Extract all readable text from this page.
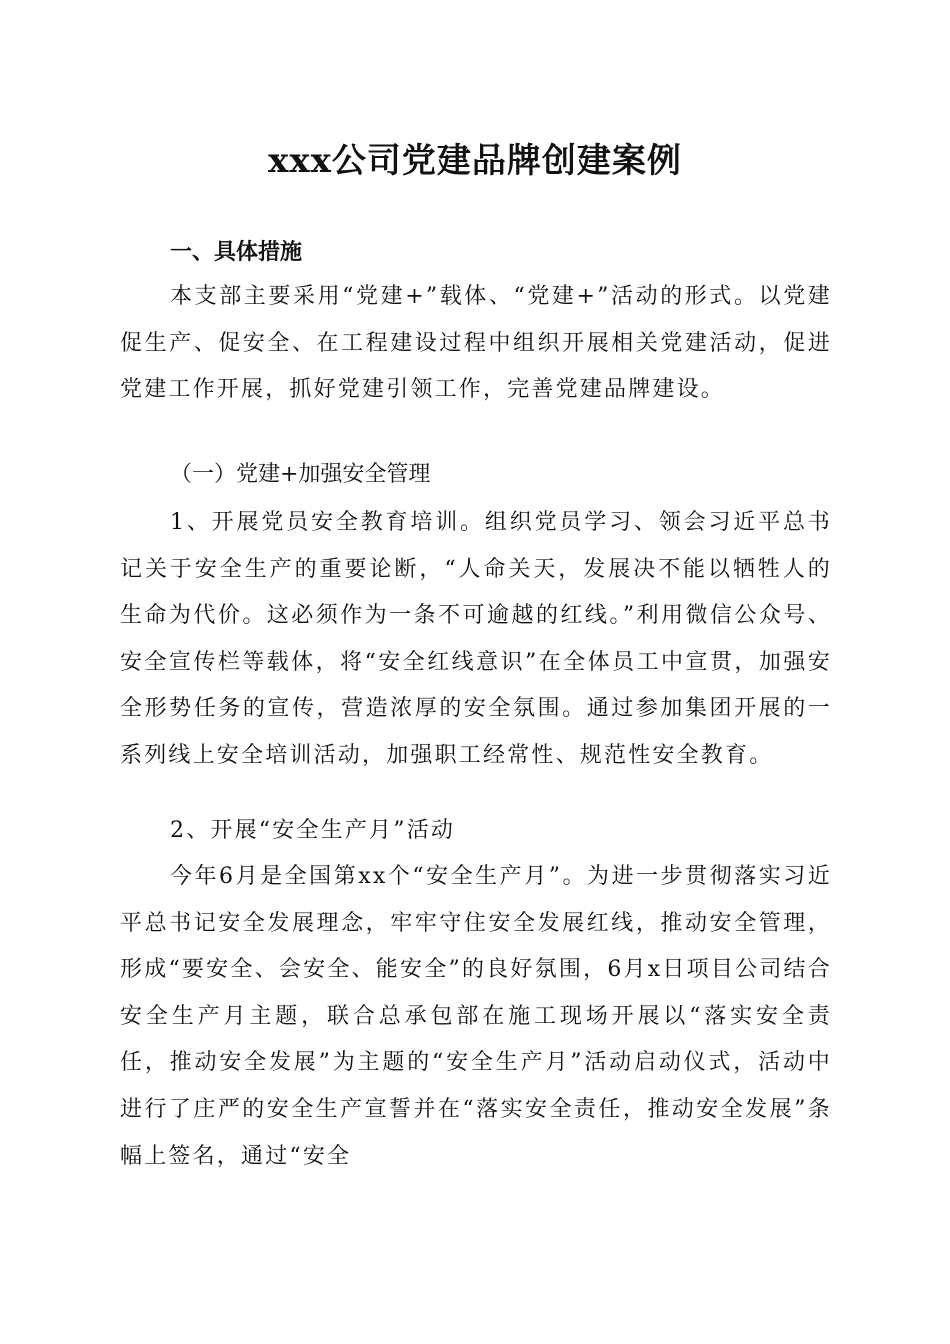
xxx公司党建品牌创建案例
一、具体措施

本支部主要采用“党建+”载体、“党建+”活动的形式。以党建促生产、促安全、在工程建设过程中组织开展相关党建活动，促进党建工作开展，抓好党建引领工作，完善党建品牌建设。

（一）党建+加强安全管理

1、开展党员安全教育培训。组织党员学习、领会习近平总书记关于安全生产的重要论断，“人命关天，发展决不能以牺牲人的生命为代价。这必须作为一条不可逾越的红线。”利用微信公众号、安全宣传栏等载体，将“安全红线意识”在全体员工中宣贯，加强安全形势任务的宣传，营造浓厚的安全氛围。通过参加集团开展的一系列线上安全培训活动，加强职工经常性、规范性安全教育。

2、开展“安全生产月”活动

今年6月是全国第xx个“安全生产月”。为进一步贯彻落实习近平总书记安全发展理念，牢牢守住安全发展红线，推动安全管理，形成“要安全、会安全、能安全”的良好氛围，6月x日项目公司结合安全生产月主题，联合总承包部在施工现场开展以“落实安全责任，推动安全发展”为主题的“安全生产月”活动启动仪式，活动中进行了庄严的安全生产宣誓并在“落实安全责任，推动安全发展”条幅上签名，通过“安全
